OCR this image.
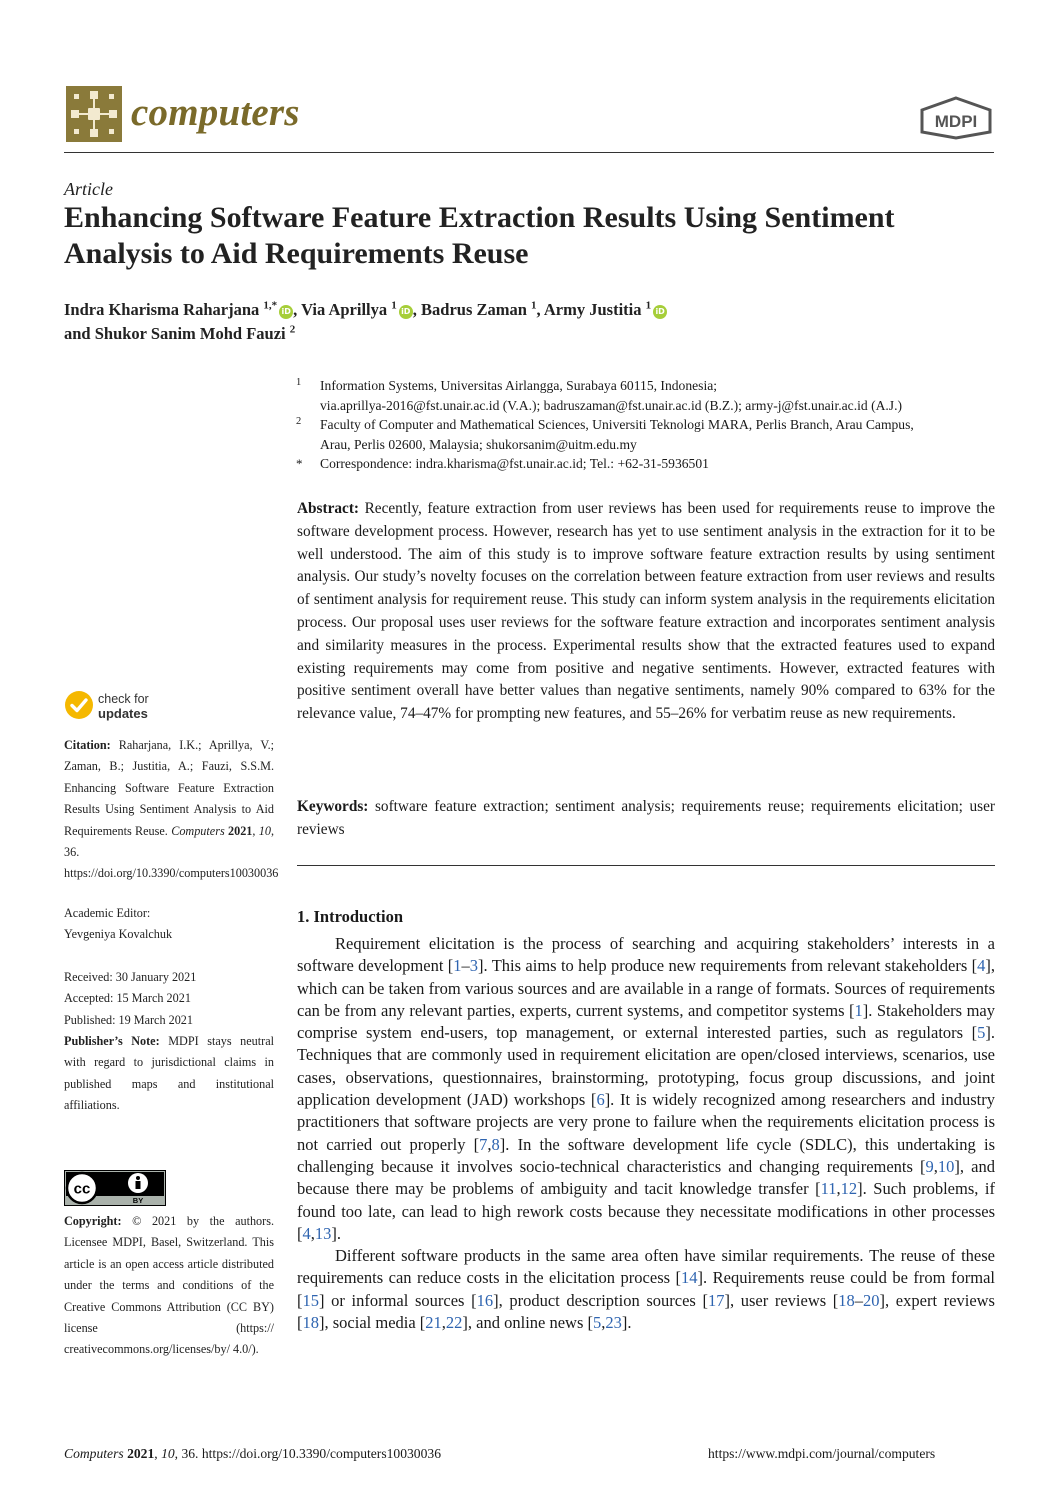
computers	MDPI
Article
Enhancing Software Feature Extraction Results Using Sentiment Analysis to Aid Requirements Reuse
Indra Kharisma Raharjana $^{1,*}$ iD , Via Aprillya $^1$ iD , Badrus Zaman $^1$, Army Justitia $^1$ iD
and Shukor Sanim Mohd Fauzi $^2$
1 Information Systems, Universitas Airlangga, Surabaya 60115, Indonesia;
via.aprillya-2016@fst.unair.ac.id (V.A.); badruszaman@fst.unair.ac.id (B.Z.); army-j@fst.unair.ac.id (A.J.)
2 Faculty of Computer and Mathematical Sciences, Universiti Teknologi MARA, Perlis Branch, Arau Campus,
Arau, Perlis 02600, Malaysia; shukorsanim@uitm.edu.my
* Correspondence: indra.kharisma@fst.unair.ac.id; Tel.: +62-31-5936501
Abstract: Recently, feature extraction from user reviews has been used for requirements reuse to improve the software development process. However, research has yet to use sentiment analysis in the extraction for it to be well understood. The aim of this study is to improve software feature extraction results by using sentiment analysis. Our study’s novelty focuses on the correlation between feature extraction from user reviews and results of sentiment analysis for requirement reuse. This study can inform system analysis in the requirements elicitation process. Our proposal uses user reviews for the software feature extraction and incorporates sentiment analysis and similarity measures in the process. Experimental results show that the extracted features used to expand existing requirements may come from positive and negative sentiments. However, extracted features with positive sentiment overall have better values than negative sentiments, namely 90% compared to 63% for the relevance value, 74–47% for prompting new features, and 55–26% for verbatim reuse as new requirements.
Keywords: software feature extraction; sentiment analysis; requirements reuse; requirements elicitation; user reviews
1. Introduction

Requirement elicitation is the process of searching and acquiring stakeholders’ interests in a software development [1–3]. This aims to help produce new requirements from relevant stakeholders [4], which can be taken from various sources and are available in a range of formats. Sources of requirements can be from any relevant parties, experts, current systems, and competitor systems [1]. Stakeholders may comprise system end-users, top management, or external interested parties, such as regulators [5]. Techniques that are commonly used in requirement elicitation are open/closed interviews, scenarios, use cases, observations, questionnaires, brainstorming, prototyping, focus group discussions, and joint application development (JAD) workshops [6]. It is widely recognized among researchers and industry practitioners that software projects are very prone to failure when the requirements elicitation process is not carried out properly [7,8]. In the software development life cycle (SDLC), this undertaking is challenging because it involves socio-technical characteristics and changing requirements [9,10], and because there may be problems of ambiguity and tacit knowledge transfer [11,12]. Such problems, if found too late, can lead to high rework costs because they necessitate modifications in other processes [4,13].

Different software products in the same area often have similar requirements. The reuse of these requirements can reduce costs in the elicitation process [14]. Requirements reuse could be from formal [15] or informal sources [16], product description sources [17], user reviews [18–20], expert reviews [18], social media [21,22], and online news [5,23].

check for
updates
Citation: Raharjana, I.K.; Aprillya, V.; Zaman, B.; Justitia, A.; Fauzi, S.S.M. Enhancing Software Feature Extraction Results Using Sentiment Analysis to Aid Requirements Reuse. Computers 2021, 10, 36. https://doi.org/10.3390/computers10030036
Academic Editor:
Yevgeniya Kovalchuk
Received: 30 January 2021
Accepted: 15 March 2021
Published: 19 March 2021
Publisher’s Note: MDPI stays neutral with regard to jurisdictional claims in published maps and institutional affiliations.
cc
BY
Copyright: © 2021 by the authors. Licensee MDPI, Basel, Switzerland. This article is an open access article distributed under the terms and conditions of the Creative Commons Attribution (CC BY) license (https:// creativecommons.org/licenses/by/ 4.0/).
Computers 2021, 10, 36. https://doi.org/10.3390/computers10030036	https://www.mdpi.com/journal/computers
